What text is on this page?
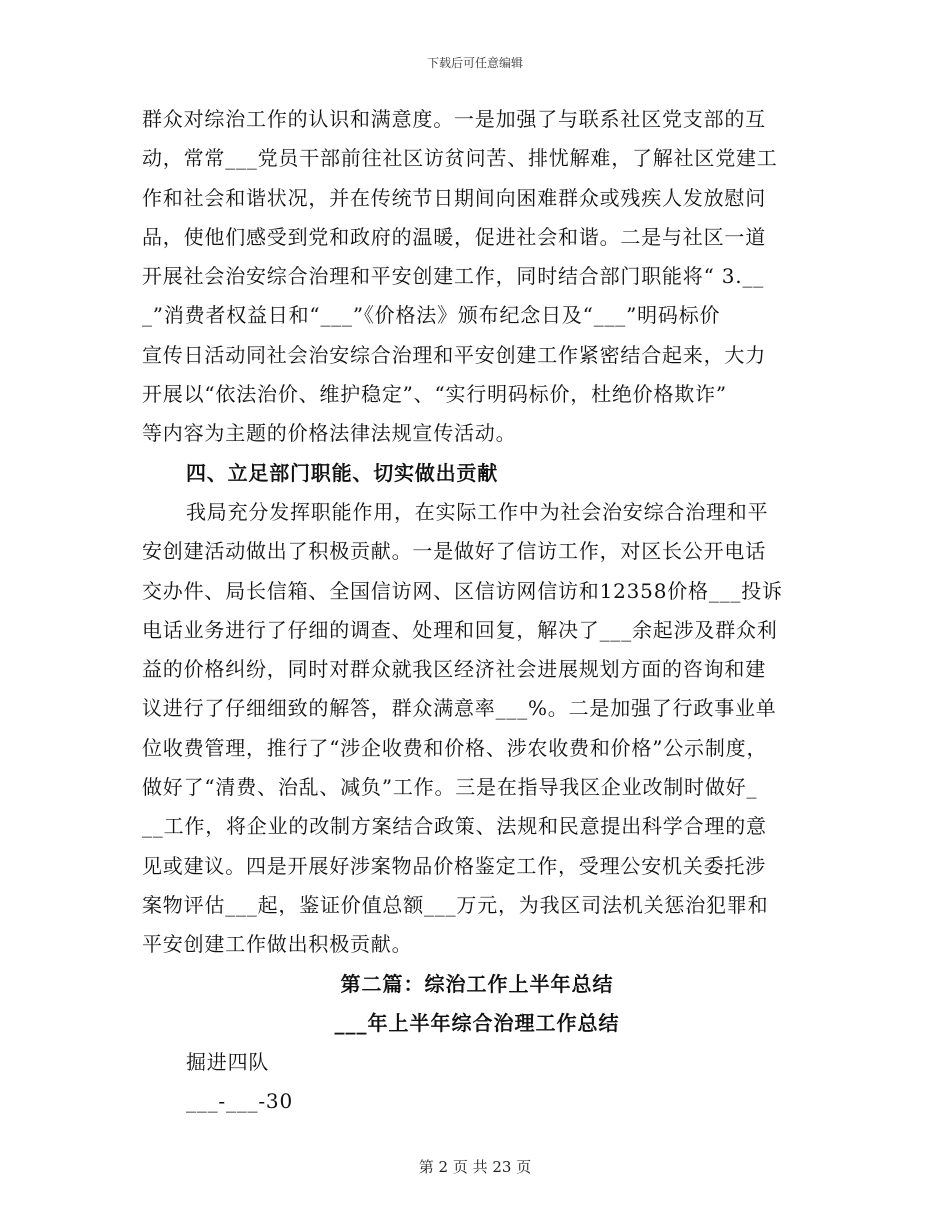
下载后可任意编辑
群众对综治工作的认识和满意度。一是加强了与联系社区党支部的互
动，常常___党员干部前往社区访贫问苦、排忧解难，了解社区党建工
作和社会和谐状况，并在传统节日期间向困难群众或残疾人发放慰问
品，使他们感受到党和政府的温暖，促进社会和谐。二是与社区一道
开展社会治安综合治理和平安创建工作，同时结合部门职能将“ 3.__
_”消费者权益日和“___”《价格法》颁布纪念日及“___”明码标价
宣传日活动同社会治安综合治理和平安创建工作紧密结合起来，大力
开展以“依法治价、维护稳定”、“实行明码标价，杜绝价格欺诈”
等内容为主题的价格法律法规宣传活动。
四、立足部门职能、切实做出贡献
我局充分发挥职能作用，在实际工作中为社会治安综合治理和平
安创建活动做出了积极贡献。一是做好了信访工作，对区长公开电话
交办件、局长信箱、全国信访网、区信访网信访和12358价格___投诉
电话业务进行了仔细的调查、处理和回复，解决了___余起涉及群众利
益的价格纠纷，同时对群众就我区经济社会进展规划方面的咨询和建
议进行了仔细细致的解答，群众满意率___%。二是加强了行政事业单
位收费管理，推行了“涉企收费和价格、涉农收费和价格”公示制度，
做好了“清费、治乱、减负”工作。三是在指导我区企业改制时做好_
__工作，将企业的改制方案结合政策、法规和民意提出科学合理的意
见或建议。四是开展好涉案物品价格鉴定工作，受理公安机关委托涉
案物评估___起，鉴证价值总额___万元，为我区司法机关惩治犯罪和
平安创建工作做出积极贡献。
第二篇：综治工作上半年总结
___年上半年综合治理工作总结
掘进四队
___-___-30
第 2 页 共 23 页
